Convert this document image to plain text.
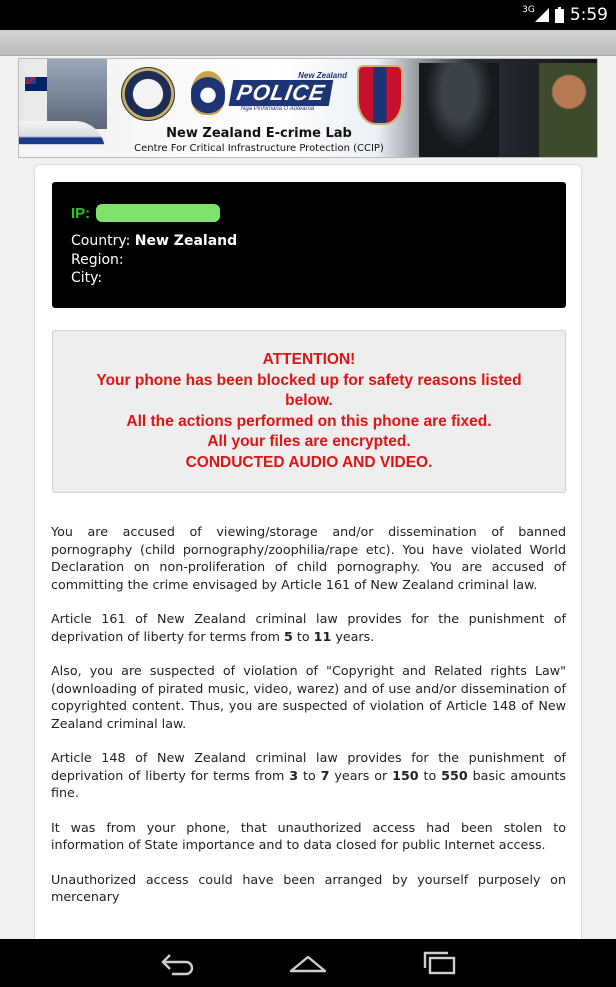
3G 5:59
New Zealand
POLICE
Nga Pirihimana O Aotearoa
New Zealand E-crime Lab
Centre For Critical Infrastructure Protection (CCIP)
IP:
Country: New Zealand
Region:
City:
ATTENTION!
Your phone has been blocked up for safety reasons listed below.
All the actions performed on this phone are fixed.
All your files are encrypted.
CONDUCTED AUDIO AND VIDEO.

You are accused of viewing/storage and/or dissemination of banned pornography (child pornography/zoophilia/rape etc). You have violated World Declaration on non-proliferation of child pornography. You are accused of committing the crime envisaged by Article 161 of New Zealand criminal law.

Article 161 of New Zealand criminal law provides for the punishment of deprivation of liberty for terms from 5 to 11 years.

Also, you are suspected of violation of "Copyright and Related rights Law" (downloading of pirated music, video, warez) and of use and/or dissemination of copyrighted content. Thus, you are suspected of violation of Article 148 of New Zealand criminal law.

Article 148 of New Zealand criminal law provides for the punishment of deprivation of liberty for terms from 3 to 7 years or 150 to 550 basic amounts fine.

It was from your phone, that unauthorized access had been stolen to information of State importance and to data closed for public Internet access.

Unauthorized access could have been arranged by yourself purposely on mercenary
